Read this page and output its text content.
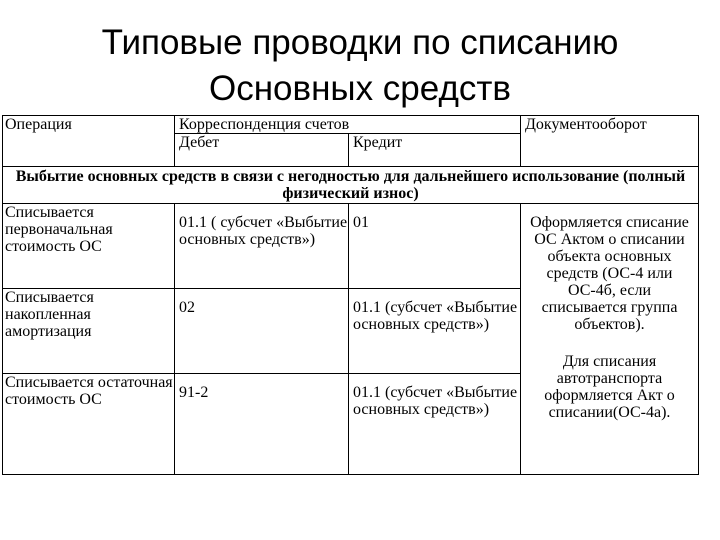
Типовые проводки по списанию
Основных средств
Операция	Корреспонденция счетов		Документооборот
	Дебет	Кредит	
Выбытие основных средств в связи с негодностью для дальнейшего использование (полный физический износ)			
Списывается первоначальная стоимость ОС	01.1 ( субсчет «Выбытие основных средств»)	01	Оформляется списание ОС Актом о списании объекта основных средств (ОС-4 или ОС-4б, если списывается группа объектов).
Для списания автотранспорта оформляется Акт о списании(ОС-4а).
Списывается накопленная амортизация	02	01.1 (субсчет «Выбытие основных средств»)	
Списывается остаточная стоимость ОС	91-2	01.1 (субсчет «Выбытие основных средств»)	
